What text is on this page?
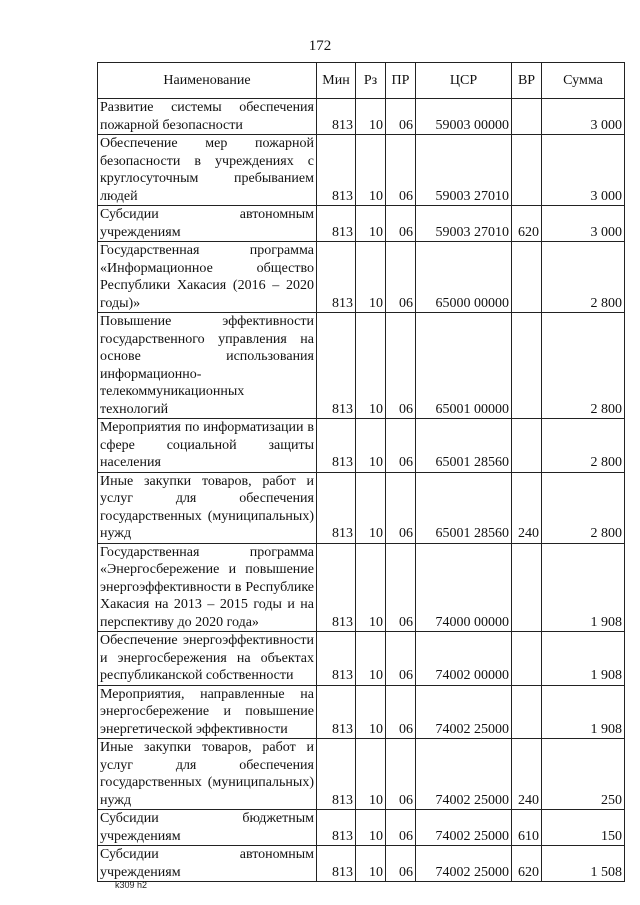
172
Наименование	Мин	Рз	ПР	ЦСР	ВР	Сумма
Развитие системы обеспечения пожарной безопасности	813	10	06	59003 00000		3 000
Обеспечение мер пожарной безопасности в учреждениях с круглосуточным пребыванием людей	813	10	06	59003 27010		3 000
Субсидии автономным учреждениям	813	10	06	59003 27010	620	3 000
Государственная программа «Информационное общество Республики Хакасия (2016 – 2020 годы)»	813	10	06	65000 00000		2 800
Повышение эффективности государственного управления на основе использования информационно-телекоммуникационных технологий	813	10	06	65001 00000		2 800
Мероприятия по информатизации в сфере социальной защиты населения	813	10	06	65001 28560		2 800
Иные закупки товаров, работ и услуг для обеспечения государственных (муниципальных) нужд	813	10	06	65001 28560	240	2 800
Государственная программа «Энергосбережение и повышение энергоэффективности в Республике Хакасия на 2013 – 2015 годы и на перспективу до 2020 года»	813	10	06	74000 00000		1 908
Обеспечение энергоэффективности и энергосбережения на объектах республиканской собственности	813	10	06	74002 00000		1 908
Мероприятия, направленные на энергосбережение и повышение энергетической эффективности	813	10	06	74002 25000		1 908
Иные закупки товаров, работ и услуг для обеспечения государственных (муниципальных) нужд	813	10	06	74002 25000	240	250
Субсидии бюджетным учреждениям	813	10	06	74002 25000	610	150
Субсидии автономным учреждениям	813	10	06	74002 25000	620	1 508
k309 h2
